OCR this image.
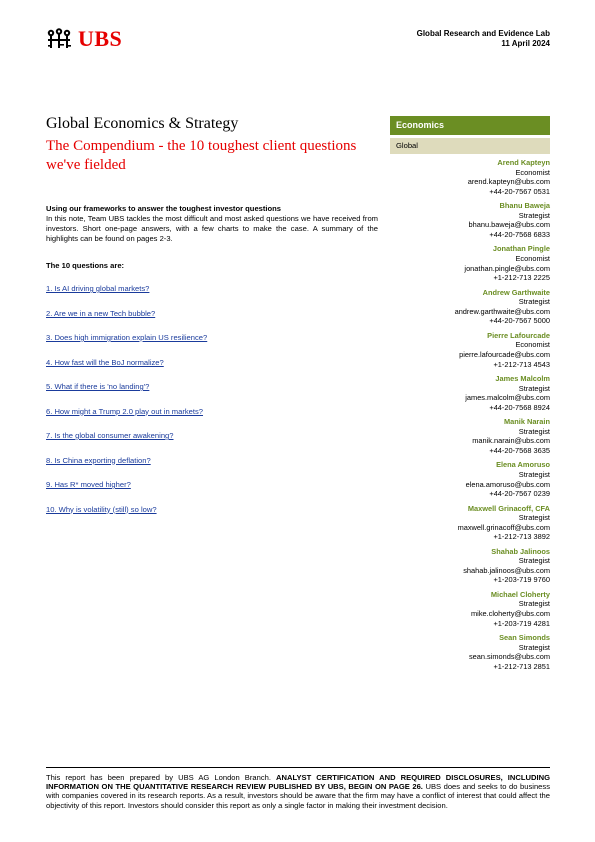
UBS	Global Research and Evidence Lab
11 April 2024
Global Economics & Strategy
The Compendium - the 10 toughest client questions we've fielded
Using our frameworks to answer the toughest investor questions
In this note, Team UBS tackles the most difficult and most asked questions we have received from investors. Short one-page answers, with a few charts to make the case. A summary of the highlights can be found on pages 2-3.
The 10 questions are:
1. Is AI driving global markets?
2. Are we in a new Tech bubble?
3. Does high immigration explain US resilience?
4. How fast will the BoJ normalize?
5. What if there is 'no landing'?
6. How might a Trump 2.0 play out in markets?
7. Is the global consumer awakening?
8. Is China exporting deflation?
9. Has R* moved higher?
10. Why is volatility (still) so low?
Economics
Global
Arend Kapteyn
Economist
arend.kapteyn@ubs.com
+44-20-7567 0531
Bhanu Baweja
Strategist
bhanu.baweja@ubs.com
+44-20-7568 6833
Jonathan Pingle
Economist
jonathan.pingle@ubs.com
+1-212-713 2225
Andrew Garthwaite
Strategist
andrew.garthwaite@ubs.com
+44-20-7567 5000
Pierre Lafourcade
Economist
pierre.lafourcade@ubs.com
+1-212-713 4543
James Malcolm
Strategist
james.malcolm@ubs.com
+44-20-7568 8924
Manik Narain
Strategist
manik.narain@ubs.com
+44-20-7568 3635
Elena Amoruso
Strategist
elena.amoruso@ubs.com
+44-20-7567 0239
Maxwell Grinacoff, CFA
Strategist
maxwell.grinacoff@ubs.com
+1-212-713 3892
Shahab Jalinoos
Strategist
shahab.jalinoos@ubs.com
+1-203-719 9760
Michael Cloherty
Strategist
mike.cloherty@ubs.com
+1-203-719 4281
Sean Simonds
Strategist
sean.simonds@ubs.com
+1-212-713 2851
This report has been prepared by UBS AG London Branch. ANALYST CERTIFICATION AND REQUIRED DISCLOSURES, INCLUDING INFORMATION ON THE QUANTITATIVE RESEARCH REVIEW PUBLISHED BY UBS, BEGIN ON PAGE 26. UBS does and seeks to do business with companies covered in its research reports. As a result, investors should be aware that the firm may have a conflict of interest that could affect the objectivity of this report. Investors should consider this report as only a single factor in making their investment decision.
